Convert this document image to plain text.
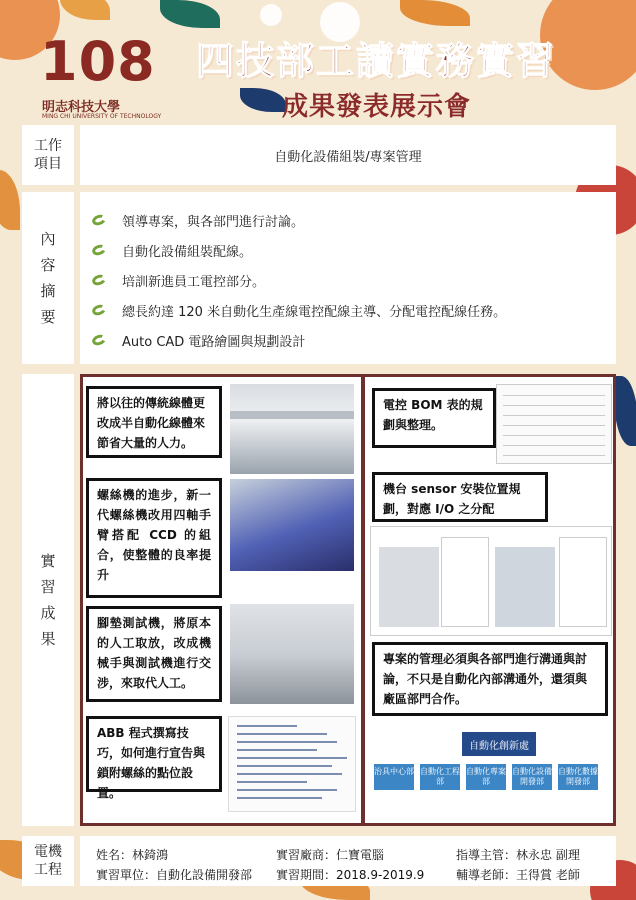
108
明志科技大學
MING CHI UNIVERSITY OF TECHNOLOGY
四技部工讀實務實習
成果發表展示會
工作
項目	自動化設備組裝/專案管理
內
容
摘
要
領導專案，與各部門進行討論。
自動化設備組裝配線。
培訓新進員工電控部分。
總長約達 120 米自動化生產線電控配線主導、分配電控配線任務。
Auto CAD 電路繪圖與規劃設計
實
習
成
果
將以往的傳統線體更改成半自動化線體來節省大量的人力。
螺絲機的進步，新一代螺絲機改用四軸手臂搭配 CCD 的組合，使整體的良率提升
腳墊測試機，將原本的人工取放，改成機械手與測試機進行交涉，來取代人工。
ABB 程式撰寫技巧，如何進行宣告與鎖附螺絲的點位設置。
電控 BOM 表的規劃與整理。
機台 sensor 安裝位置規劃，對應 I/O 之分配
專案的管理必須與各部門進行溝通與討論，不只是自動化內部溝通外，還須與廠區部門合作。
自動化創新處
治具中心部 自動化工程部
自動化專案部
自動化設備開發部
自動化數據開發部
電機
工程
姓名：林錡鴻	實習廠商：仁寶電腦	指導主管：林永忠 副理
實習單位：自動化設備開發部 實習期間：2018.9-2019.9	輔導老師：王得賞 老師
